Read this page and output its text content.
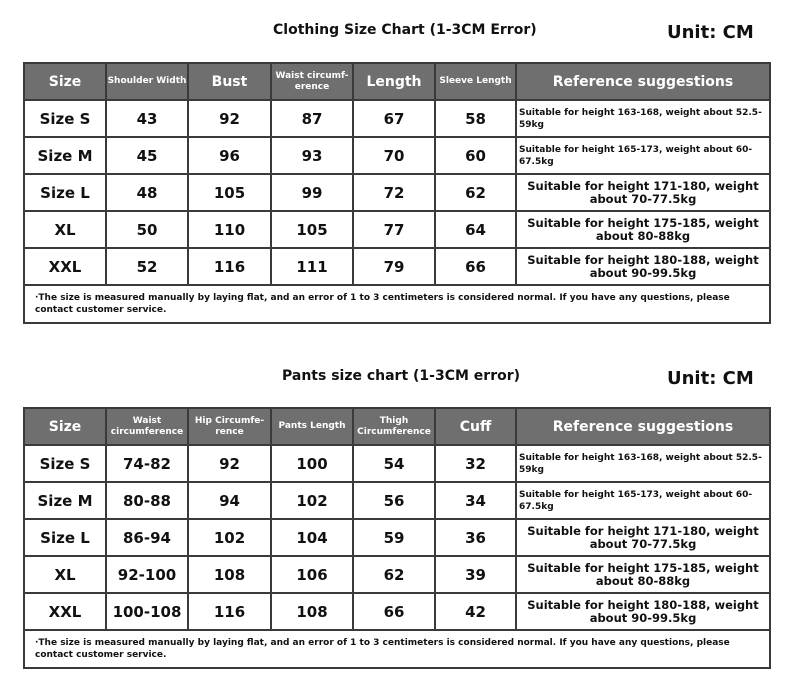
Clothing Size Chart (1-3CM Error)	Unit: CM
Size	Shoulder Width	Bust	Waist circumf-erence	Length	Sleeve Length	Reference suggestions
Size S	43	92	87	67	58	Suitable for height 163-168, weight about 52.5-59kg
Size M	45	96	93	70	60	Suitable for height 165-173, weight about 60-67.5kg
Size L	48	105	99	72	62	Suitable for height 171-180, weight about 70-77.5kg
XL	50	110	105	77	64	Suitable for height 175-185, weight about 80-88kg
XXL	52	116	111	79	66	Suitable for height 180-188, weight about 90-99.5kg
·The size is measured manually by laying flat, and an error of 1 to 3 centimeters is considered normal. If you have any questions, please contact customer service.						
Pants size chart (1-3CM error)	Unit: CM
Size	Waist circumference	Hip Circumfe-rence	Pants Length	Thigh Circumference	Cuff	Reference suggestions
Size S	74-82	92	100	54	32	Suitable for height 163-168, weight about 52.5-59kg
Size M	80-88	94	102	56	34	Suitable for height 165-173, weight about 60-67.5kg
Size L	86-94	102	104	59	36	Suitable for height 171-180, weight about 70-77.5kg
XL	92-100	108	106	62	39	Suitable for height 175-185, weight about 80-88kg
XXL	100-108	116	108	66	42	Suitable for height 180-188, weight about 90-99.5kg
·The size is measured manually by laying flat, and an error of 1 to 3 centimeters is considered normal. If you have any questions, please contact customer service.						
